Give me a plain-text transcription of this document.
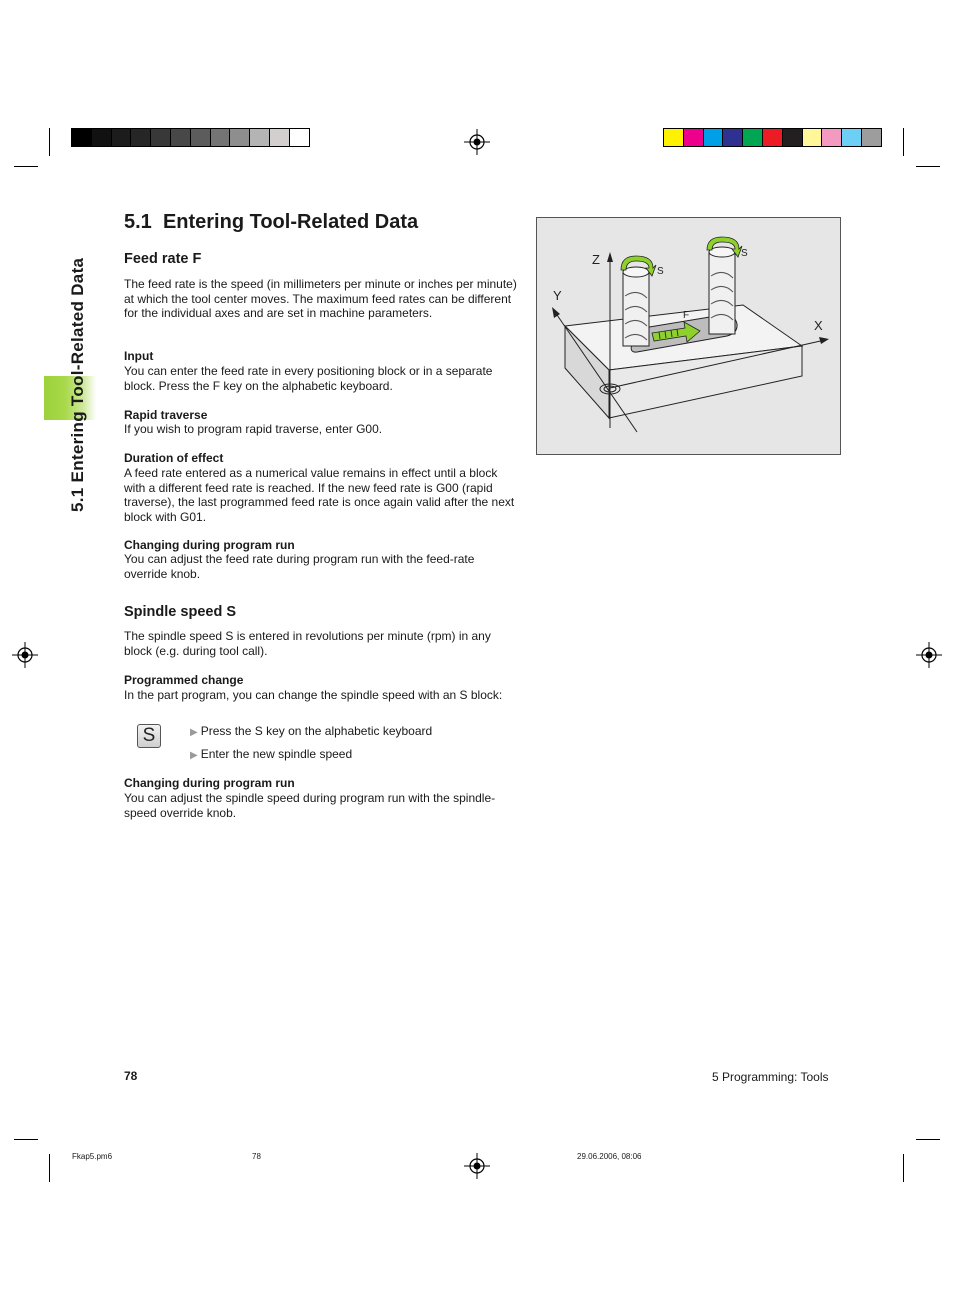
5.1 Entering Tool-Related Data
5.1 Entering Tool-Related Data
Feed rate F

The feed rate is the speed (in millimeters per minute or inches per minute) at which the tool center moves. The maximum feed rates can be different for the individual axes and are set in machine parameters.

Input

You can enter the feed rate in every positioning block or in a separate block. Press the F key on the alphabetic keyboard.

Rapid traverse

If you wish to program rapid traverse, enter G00.

Duration of effect

A feed rate entered as a numerical value remains in effect until a block with a different feed rate is reached. If the new feed rate is G00 (rapid traverse), the last programmed feed rate is once again valid after the next block with G01.

Changing during program run

You can adjust the feed rate during program run with the feed-rate override knob.

Spindle speed S

The spindle speed S is entered in revolutions per minute (rpm) in any block (e.g. during tool call).

Programmed change

In the part program, you can change the spindle speed with an S block:

S	▶ Press the S key on the alphabetic keyboard
▶ Enter the new spindle speed

Changing during program run

You can adjust the spindle speed during program run with the spindle-speed override knob.

Z
Y
X
S
S
F
78	5 Programming: Tools
Fkap5.pm6	78	29.06.2006, 08:06
